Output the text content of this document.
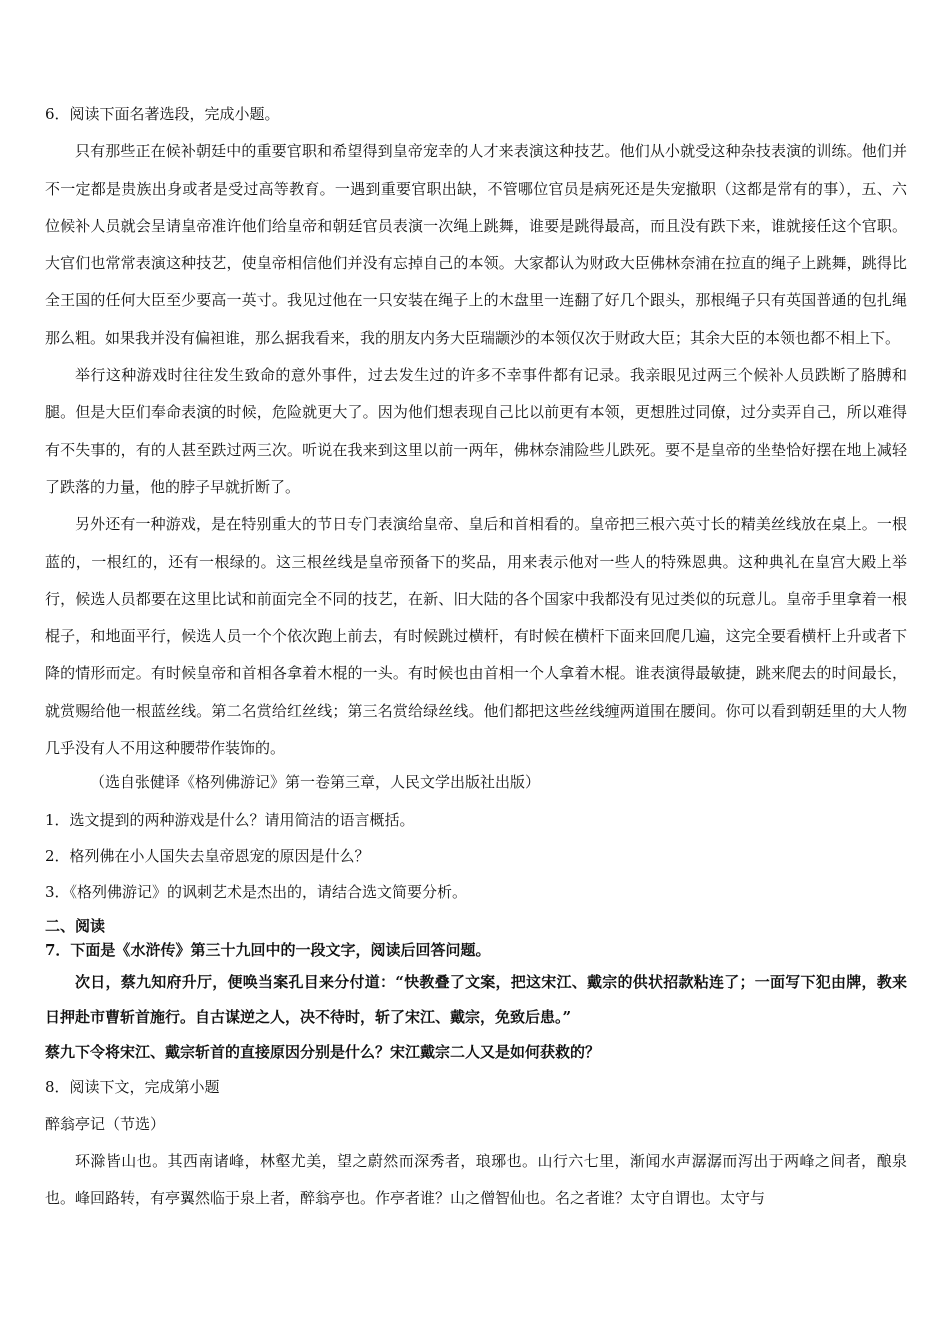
6．阅读下面名著选段，完成小题。

只有那些正在候补朝廷中的重要官职和希望得到皇帝宠幸的人才来表演这种技艺。他们从小就受这种杂技表演的训练。他们并不一定都是贵族出身或者是受过高等教育。一遇到重要官职出缺，不管哪位官员是病死还是失宠撤职（这都是常有的事），五、六位候补人员就会呈请皇帝准许他们给皇帝和朝廷官员表演一次绳上跳舞，谁要是跳得最高，而且没有跌下来，谁就接任这个官职。大官们也常常表演这种技艺，使皇帝相信他们并没有忘掉自己的本领。大家都认为财政大臣佛林奈浦在拉直的绳子上跳舞，跳得比全王国的任何大臣至少要高一英寸。我见过他在一只安装在绳子上的木盘里一连翻了好几个跟头，那根绳子只有英国普通的包扎绳那么粗。如果我并没有偏袒谁，那么据我看来，我的朋友内务大臣瑞颛沙的本领仅次于财政大臣；其余大臣的本领也都不相上下。

举行这种游戏时往往发生致命的意外事件，过去发生过的许多不幸事件都有记录。我亲眼见过两三个候补人员跌断了胳膊和腿。但是大臣们奉命表演的时候，危险就更大了。因为他们想表现自己比以前更有本领，更想胜过同僚，过分卖弄自己，所以难得有不失事的，有的人甚至跌过两三次。听说在我来到这里以前一两年，佛林奈浦险些儿跌死。要不是皇帝的坐垫恰好摆在地上减轻了跌落的力量，他的脖子早就折断了。

另外还有一种游戏，是在特别重大的节日专门表演给皇帝、皇后和首相看的。皇帝把三根六英寸长的精美丝线放在桌上。一根蓝的，一根红的，还有一根绿的。这三根丝线是皇帝预备下的奖品，用来表示他对一些人的特殊恩典。这种典礼在皇宫大殿上举行，候选人员都要在这里比试和前面完全不同的技艺，在新、旧大陆的各个国家中我都没有见过类似的玩意儿。皇帝手里拿着一根棍子，和地面平行，候选人员一个个依次跑上前去，有时候跳过横杆，有时候在横杆下面来回爬几遍，这完全要看横杆上升或者下降的情形而定。有时候皇帝和首相各拿着木棍的一头。有时候也由首相一个人拿着木棍。谁表演得最敏捷，跳来爬去的时间最长，就赏赐给他一根蓝丝线。第二名赏给红丝线；第三名赏给绿丝线。他们都把这些丝线缠两道围在腰间。你可以看到朝廷里的大人物几乎没有人不用这种腰带作装饰的。

（选自张健译《格列佛游记》第一卷第三章，人民文学出版社出版）

1．选文提到的两种游戏是什么？请用简洁的语言概括。

2．格列佛在小人国失去皇帝恩宠的原因是什么？

3．《格列佛游记》的讽刺艺术是杰出的，请结合选文简要分析。

二、阅读

7．下面是《水浒传》第三十九回中的一段文字，阅读后回答问题。

次日，蔡九知府升厅，便唤当案孔目来分付道：“快教叠了文案，把这宋江、戴宗的供状招款粘连了；一面写下犯由牌，教来日押赴市曹斩首施行。自古谋逆之人，决不待时，斩了宋江、戴宗，免致后患。”

蔡九下令将宋江、戴宗斩首的直接原因分别是什么？宋江戴宗二人又是如何获救的？

8．阅读下文，完成第小题

醉翁亭记（节选）

环滁皆山也。其西南诸峰，林壑尤美，望之蔚然而深秀者，琅琊也。山行六七里，渐闻水声潺潺而泻出于两峰之间者，酿泉也。峰回路转，有亭翼然临于泉上者，醉翁亭也。作亭者谁？山之僧智仙也。名之者谁？太守自谓也。太守与
